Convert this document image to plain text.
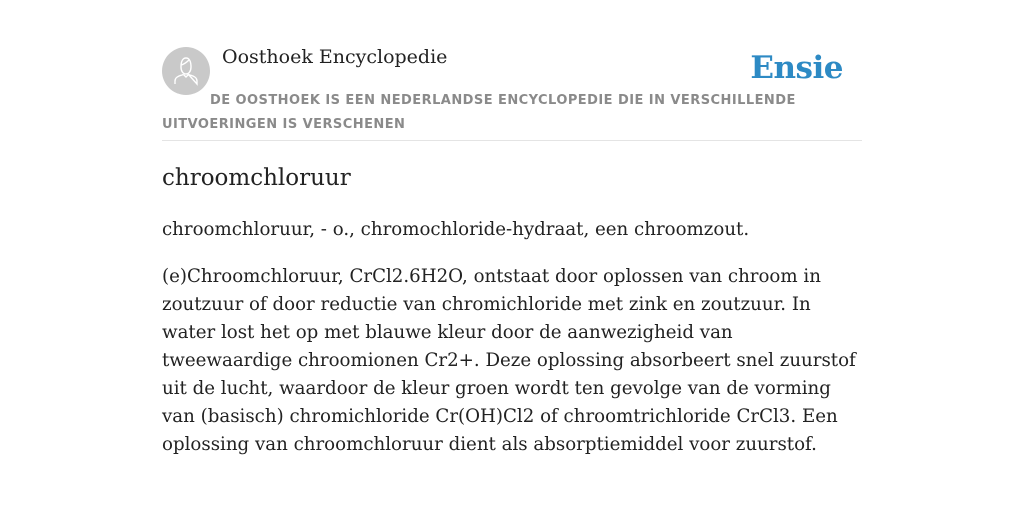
Oosthoek Encyclopedie	Ensie
DE OOSTHOEK IS EEN NEDERLANDSE ENCYCLOPEDIE DIE IN VERSCHILLENDE UITVOERINGEN IS VERSCHENEN
chroomchloruur

chroomchloruur, - o., chromochloride-hydraat, een chroomzout.

(e)Chroomchloruur, CrCl2.6H2O, ontstaat door oplossen van chroom in zoutzuur of door reductie van chromichloride met zink en zoutzuur. In water lost het op met blauwe kleur door de aanwezigheid van tweewaardige chroomionen Cr2+. Deze oplossing absorbeert snel zuurstof uit de lucht, waardoor de kleur groen wordt ten gevolge van de vorming van (basisch) chromichloride Cr(OH)Cl2 of chroomtrichloride CrCl3. Een oplossing van chroomchloruur dient als absorptiemiddel voor zuurstof.
